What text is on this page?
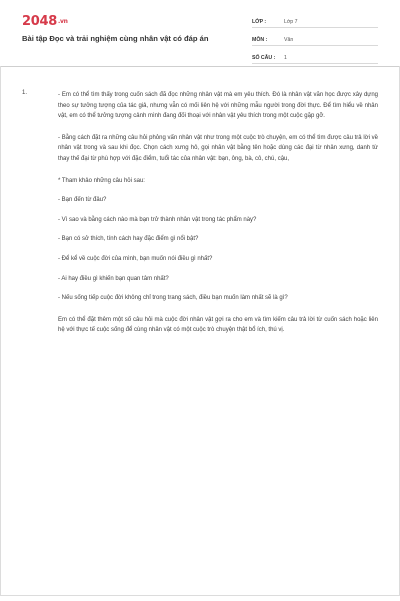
2048.vn
Bài tập Đọc và trải nghiệm cùng nhân vật có đáp án
LỚP :	Lớp 7
MÔN :	Văn
SỐ CÂU :	1
1.	- Em có thể tìm thấy trong cuốn sách đã đọc những nhân vật mà em yêu thích. Đó là nhân vật văn học được xây dựng theo sự tưởng tượng của tác giả, nhưng vẫn có mối liên hệ với những mẫu người trong đời thực. Để tìm hiểu về nhân vật, em có thể tưởng tượng cảnh mình đang đối thoại với nhân vật yêu thích trong một cuộc gặp gỡ.

- Bằng cách đặt ra những câu hỏi phỏng vấn nhân vật như trong một cuộc trò chuyện, em có thể tìm được câu trả lời về nhân vật trong và sau khi đọc. Chọn cách xưng hô, gọi nhân vật bằng tên hoặc dùng các đại từ nhân xưng, danh từ thay thế đại từ phù hợp với đặc điểm, tuổi tác của nhân vật: bạn, ông, bà, cô, chú, cậu,

* Tham khảo những câu hỏi sau:

- Bạn đến từ đâu?

- Vì sao và bằng cách nào mà bạn trở thành nhân vật trong tác phẩm này?

- Bạn có sở thích, tính cách hay đặc điểm gì nổi bật?

- Để kể về cuộc đời của mình, bạn muốn nói điều gì nhất?

- Ai hay điều gì khiến bạn quan tâm nhất?

- Nếu sống tiếp cuộc đời không chỉ trong trang sách, điều bạn muốn làm nhất sẽ là gì?

Em có thể đặt thêm một số câu hỏi mà cuộc đời nhân vật gợi ra cho em và tìm kiếm câu trả lời từ cuốn sách hoặc liên hệ với thực tế cuộc sống để cùng nhân vật có một cuộc trò chuyện thật bổ ích, thú vị.
